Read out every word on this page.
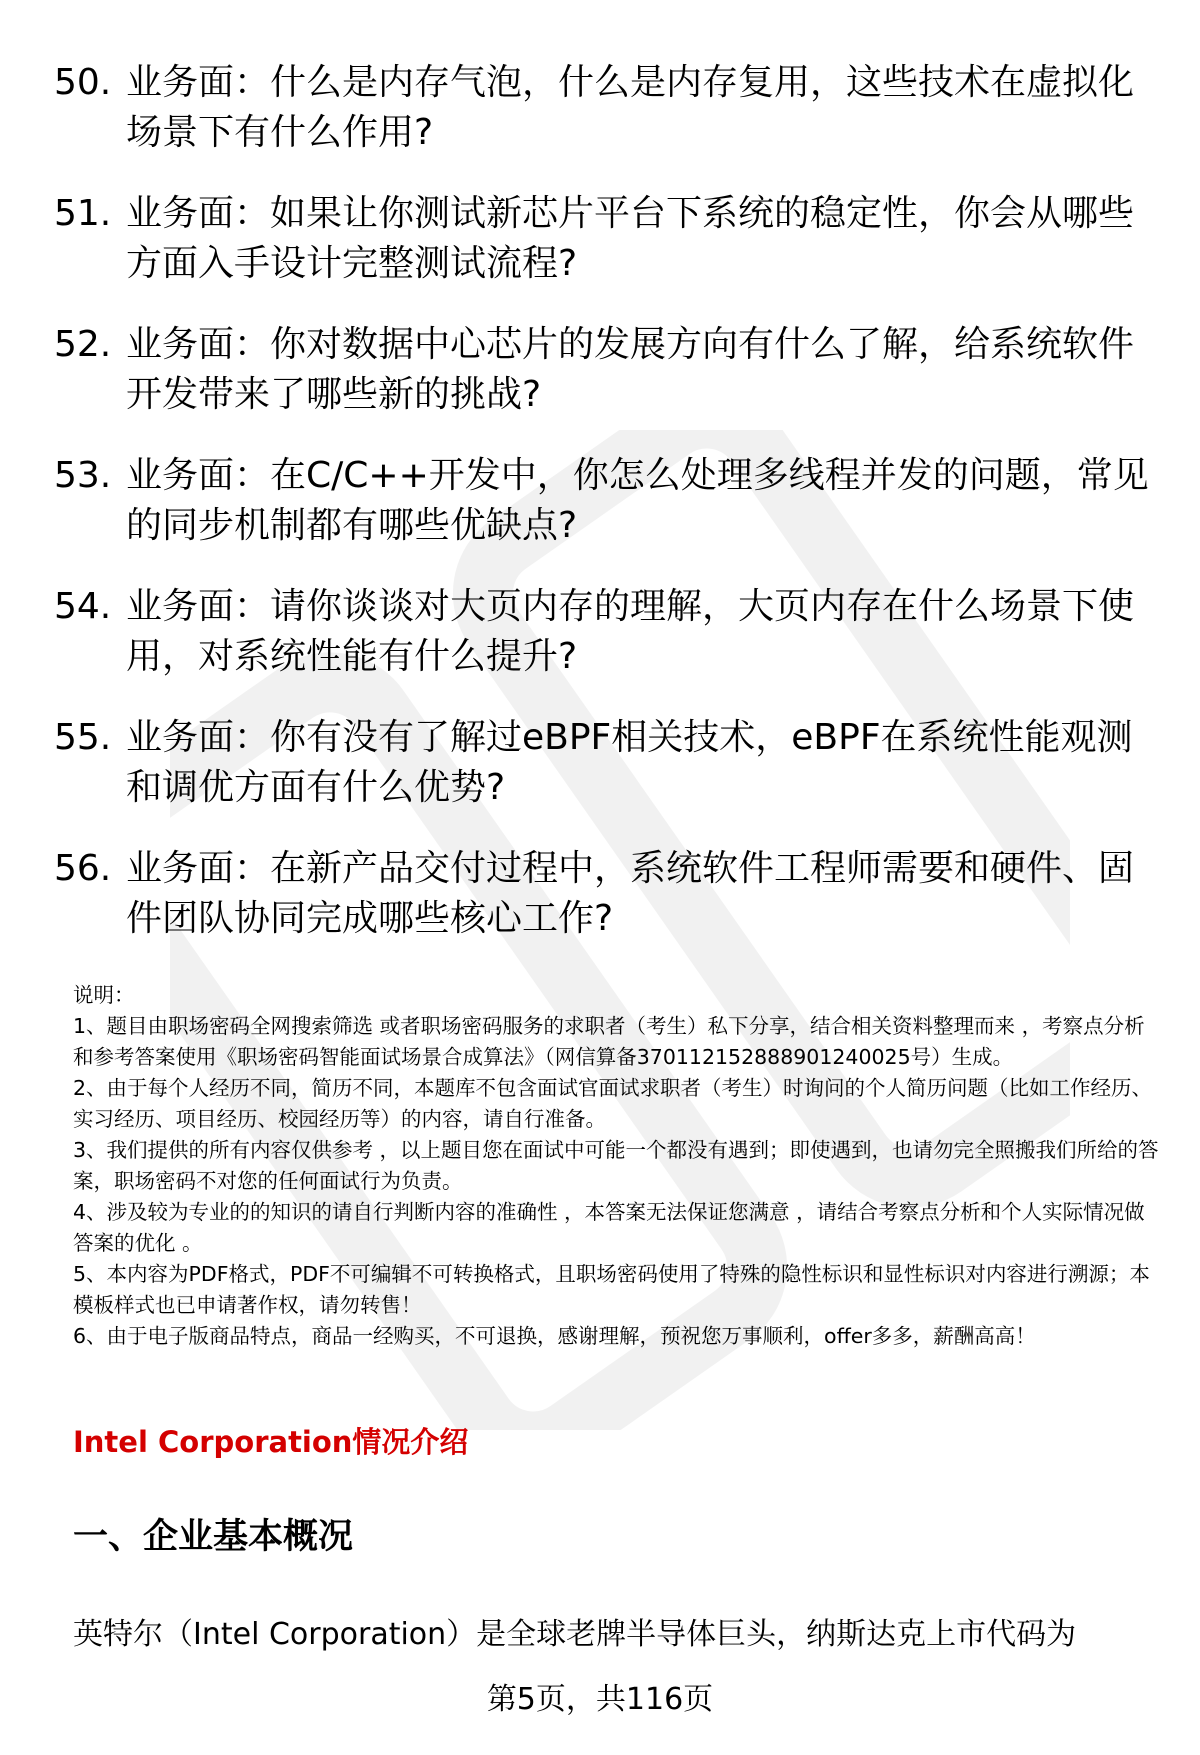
50. 业务面：什么是内存气泡，什么是内存复用，这些技术在虚拟化场景下有什么作用?
51. 业务面：如果让你测试新芯片平台下系统的稳定性，你会从哪些方面入手设计完整测试流程?
52. 业务面：你对数据中心芯片的发展方向有什么了解，给系统软件开发带来了哪些新的挑战?
53. 业务面：在C/C++开发中，你怎么处理多线程并发的问题，常见的同步机制都有哪些优缺点?
54. 业务面：请你谈谈对大页内存的理解，大页内存在什么场景下使用，对系统性能有什么提升?
55. 业务面：你有没有了解过eBPF相关技术，eBPF在系统性能观测和调优方面有什么优势?
56. 业务面：在新产品交付过程中，系统软件工程师需要和硬件、固件团队协同完成哪些核心工作?

说明：

1、题目由职场密码全网搜索筛选 或者职场密码服务的求职者（考生）私下分享，结合相关资料整理而来 ，考察点分析和参考答案使用《职场密码智能面试场景合成算法》（网信算备370112152888901240025号）生成。

2、由于每个人经历不同，简历不同，本题库不包含面试官面试求职者（考生）时询问的个人简历问题（比如工作经历、实习经历、项目经历、校园经历等）的内容，请自行准备。

3、我们提供的所有内容仅供参考 ，以上题目您在面试中可能一个都没有遇到；即使遇到，也请勿完全照搬我们所给的答案，职场密码不对您的任何面试行为负责。

4、涉及较为专业的的知识的请自行判断内容的准确性 ，本答案无法保证您满意 ，请结合考察点分析和个人实际情况做答案的优化 。

5、本内容为PDF格式，PDF不可编辑不可转换格式，且职场密码使用了特殊的隐性标识和显性标识对内容进行溯源；本模板样式也已申请著作权，请勿转售！

6、由于电子版商品特点，商品一经购买，不可退换，感谢理解，预祝您万事顺利，offer多多，薪酬高高！

Intel Corporation情况介绍
一、企业基本概况
英特尔（Intel Corporation）是全球老牌半导体巨头，纳斯达克上市代码为
第5页，共116页
